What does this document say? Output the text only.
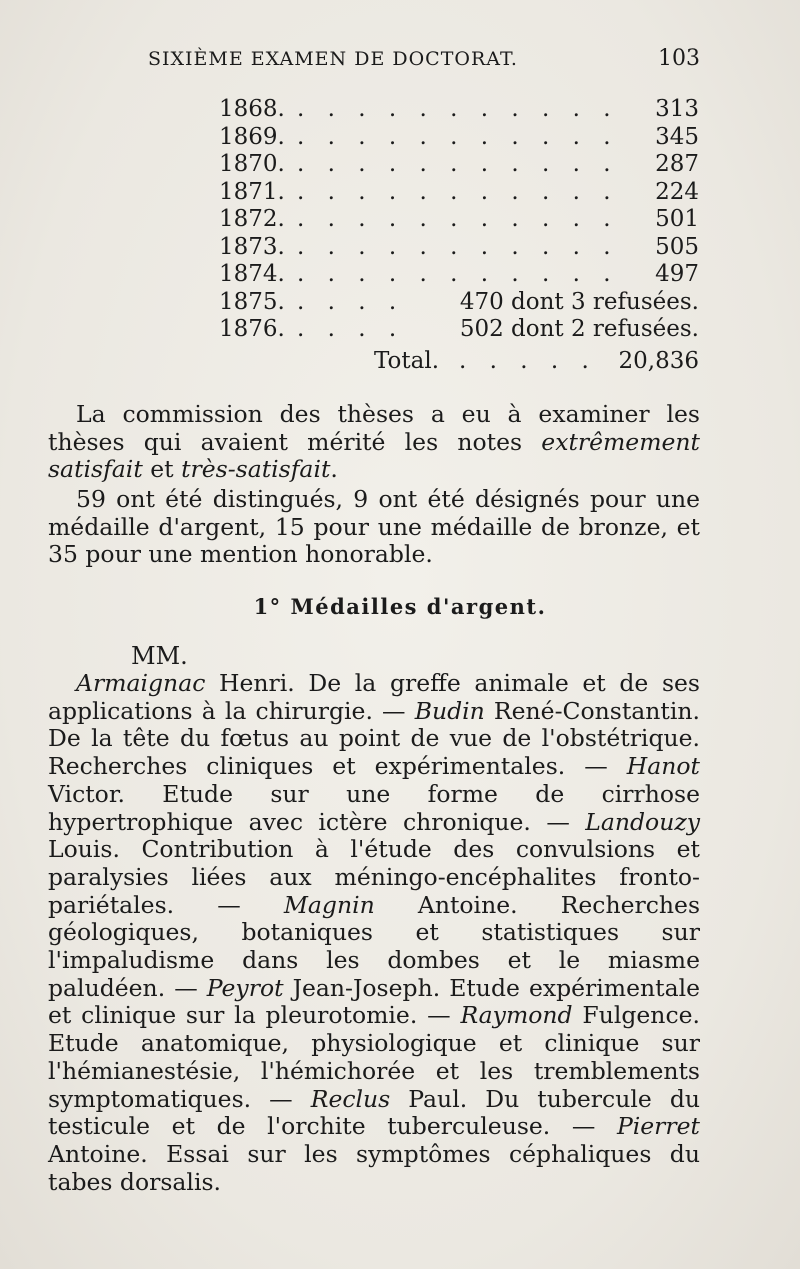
SIXIÈME EXAMEN DE DOCTORAT.	103
1868. . . . . . . . . . . . 313
1869. . . . . . . . . . . . 345
1870. . . . . . . . . . . . 287
1871. . . . . . . . . . . . 224
1872. . . . . . . . . . . . 501
1873. . . . . . . . . . . . 505
1874. . . . . . . . . . . . 497
1875. . . . . 470 dont 3 refusées.
1876. . . . . 502 dont 2 refusées.
Total. . . . . . 20,836
La commission des thèses a eu à examiner les thèses qui avaient mérité les notes extrêmement satisfait et très-satisfait.
59 ont été distingués, 9 ont été désignés pour une médaille d'argent, 15 pour une médaille de bronze, et 35 pour une mention honorable.
1° Médailles d'argent.
MM.
Armaignac Henri. De la greffe animale et de ses applications à la chirurgie. — Budin René-Constantin. De la tête du fœtus au point de vue de l'obstétrique. Recherches cliniques et expérimentales. — Hanot Victor. Etude sur une forme de cirrhose hypertrophique avec ictère chronique. — Landouzy Louis. Contribution à l'étude des convulsions et paralysies liées aux méningo-encéphalites fronto-pariétales. — Magnin Antoine. Recherches géologiques, botaniques et statistiques sur l'impaludisme dans les dombes et le miasme paludéen. — Peyrot Jean-Joseph. Etude expérimentale et clinique sur la pleurotomie. — Raymond Fulgence. Etude anatomique, physiologique et clinique sur l'hémianestésie, l'hémichorée et les tremblements symptomatiques. — Reclus Paul. Du tubercule du testicule et de l'orchite tuberculeuse. — Pierret Antoine. Essai sur les symptômes céphaliques du tabes dorsalis.
